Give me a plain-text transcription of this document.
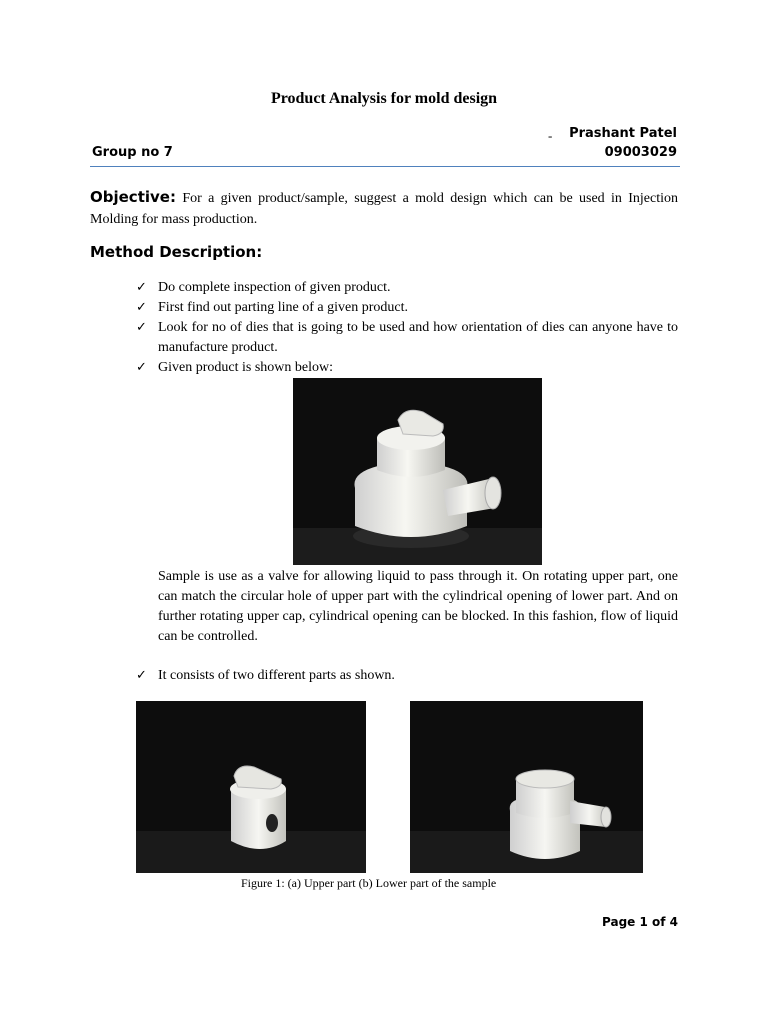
Product Analysis for mold design
- Prashant Patel
Group no 7	09003029
Objective: For a given product/sample, suggest a mold design which can be used in Injection Molding for mass production.
Method Description:
✓ Do complete inspection of given product.
✓ First find out parting line of a given product.
✓ Look for no of dies that is going to be used and how orientation of dies can anyone have to manufacture product.
✓ Given product is shown below:
Sample is use as a valve for allowing liquid to pass through it. On rotating upper part, one can match the circular hole of upper part with the cylindrical opening of lower part. And on further rotating upper cap, cylindrical opening can be blocked. In this fashion, flow of liquid can be controlled.
✓ It consists of two different parts as shown.
Figure 1: (a) Upper part (b) Lower part of the sample
Page 1 of 4
